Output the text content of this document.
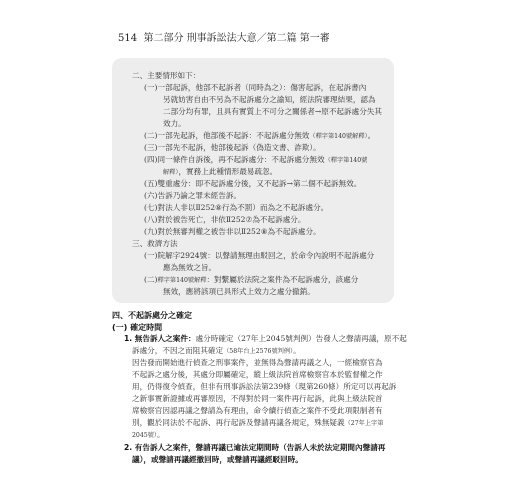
514 第二部分 刑事訴訟法大意／第二篇 第一審
二、主要情形如下：
(一)一部起訴，他部不起訴者（同時為之）：傷害起訴，在起訴書內
另就妨害自由不另為不起訴處分之諭知，經法院審理結果，認為
二部分均有罪，且具有實質上不可分之關係者→原不起訴處分失其
效力。
(二)一部先起訴，他部後不起訴：不起訴處分無效（釋字第140號解釋）。
(三)一部先不起訴，他部後起訴（偽造文書、詐欺）。
(四)同一條件自訴後，再不起訴處分：不起訴處分無效（釋字第140號
解釋），實務上此種情形最易疏忽。
(五)雙重處分：即不起訴處分後，又不起訴→第二個不起訴無效。
(六)告訴乃論之罪未經告訴。
(七)對法人非以Ⅱ252⑧行為不罰）而為之不起訴處分。
(八)對於被告死亡，非依Ⅱ252⑦為不起訴處分。
(九)對於無審判權之被告非以Ⅱ252⑧為不起訴處分。
三、救濟方法
(一)院解字2924號：以聲請無理由駁回之，於命令內說明不起訴處分
應為無效之旨。
(二)釋字第140號解釋：對繫屬於法院之案件為不起訴處分，該處分
無效，應將該項已具形式上效力之處分撤銷。
四、不起訴處分之確定
(一) 確定時間
1. 無告訴人之案件：處分時確定（27年上2045號判例）告發人之聲請再議，原不起
訴處分，不因之而阻其確定（58年台上2576號判例）。
因告發而開始進行偵查之刑事案件，並無得為聲請再議之人，一經檢察官為
不起訴之處分後，其處分即屬確定，縱上級法院首席檢察官本於監督權之作
用，仍得復令偵查，但非有刑事訴訟法第239條（現第260條）所定可以再起訴
之新事實新證據或再審原因，不得對於同一案件再行起訴，此與上級法院首
席檢察官因認再議之聲請為有理由，命令續行偵查之案件不受此項限制者有
別，觀於同法於不起訴、再行起訴及聲請再議各規定，殊無疑義（27年上字第
2045號）。
2. 有告訴人之案件，聲請再議已逾法定期間時（告訴人未於法定期間內聲請再
議），或聲請再議經撤回時，或聲請再議經駁回時。
